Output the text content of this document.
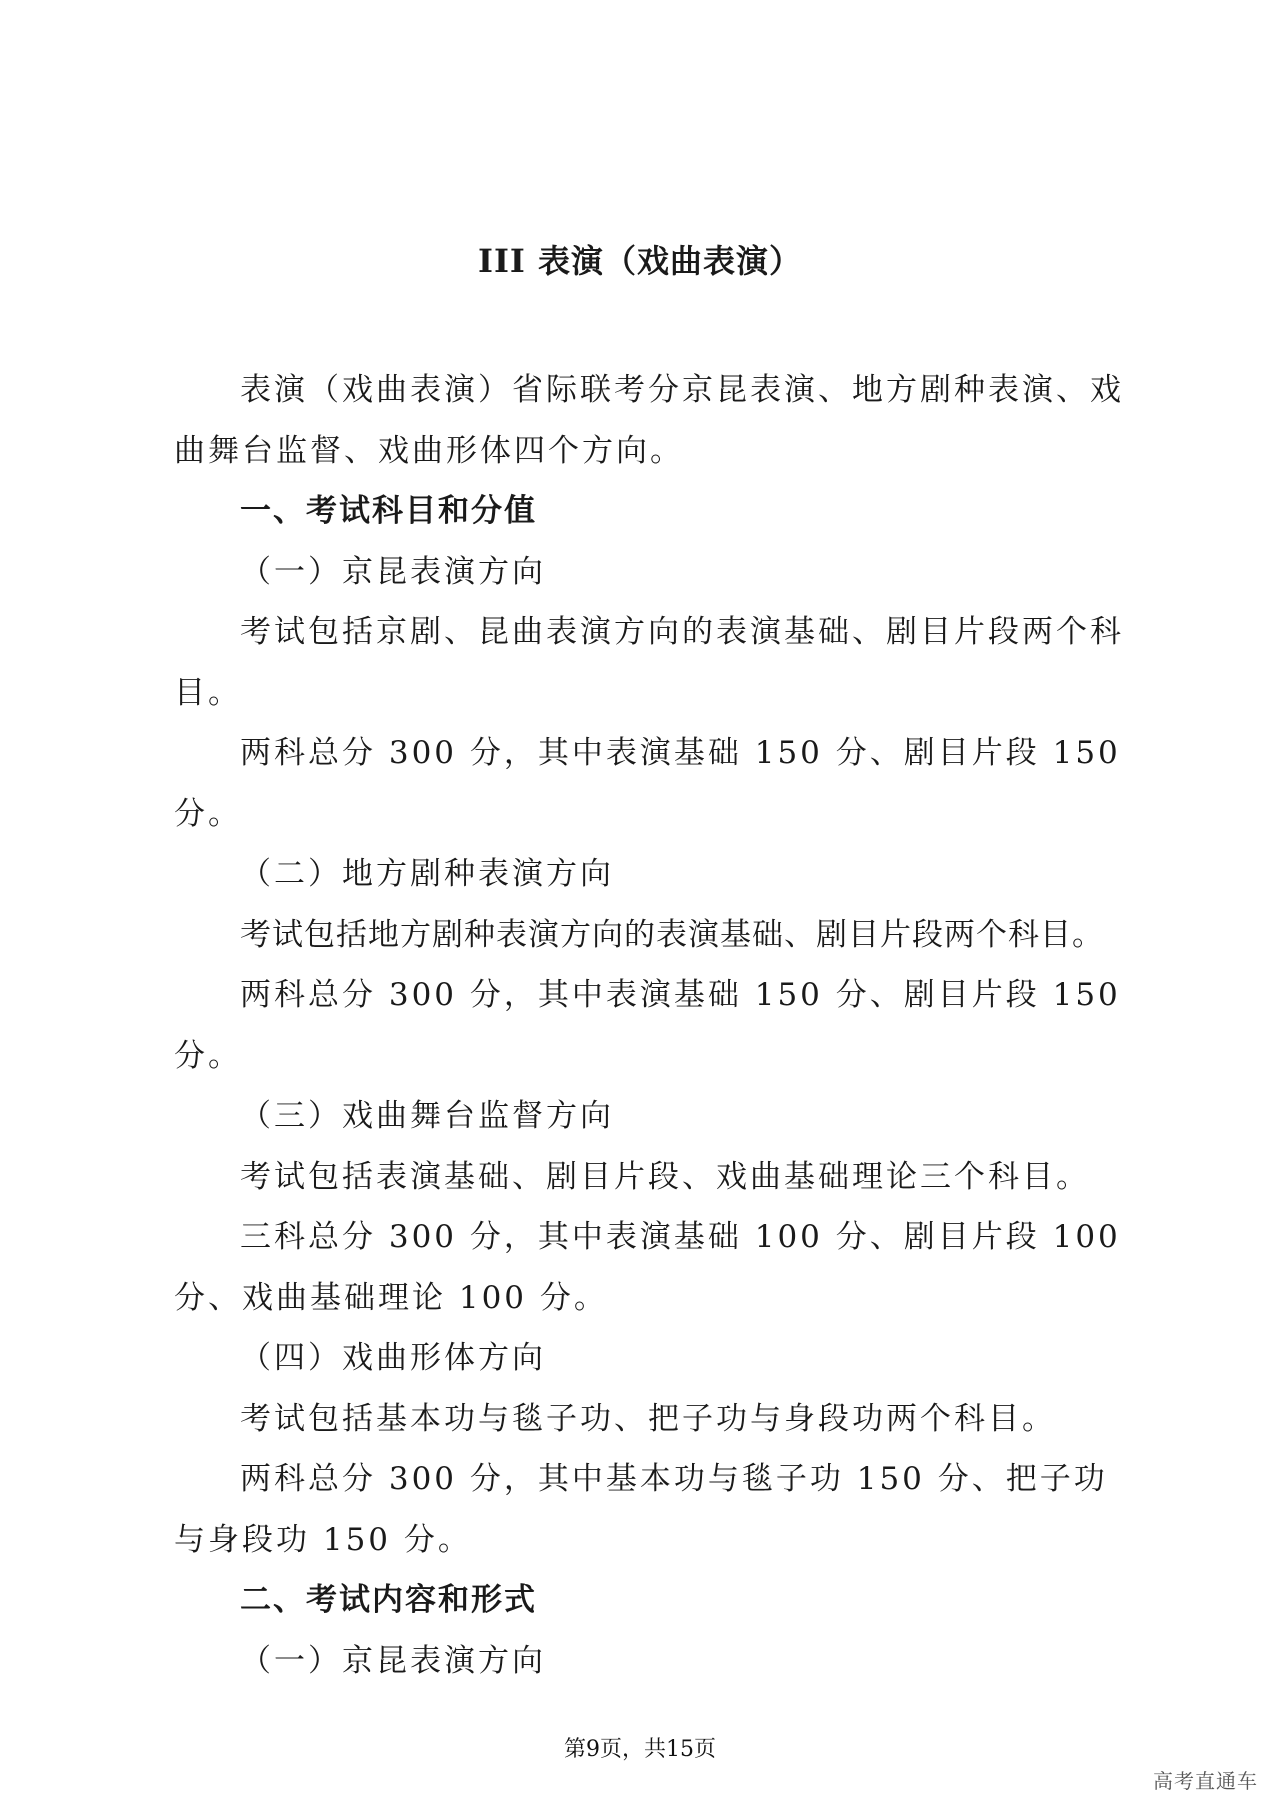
III 表演（戏曲表演）

表演（戏曲表演）省际联考分京昆表演、地方剧种表演、戏曲舞台监督、戏曲形体四个方向。

一、考试科目和分值

（一）京昆表演方向

考试包括京剧、昆曲表演方向的表演基础、剧目片段两个科目。

两科总分 300 分，其中表演基础 150 分、剧目片段 150 分。

（二）地方剧种表演方向

考试包括地方剧种表演方向的表演基础、剧目片段两个科目。

两科总分 300 分，其中表演基础 150 分、剧目片段 150 分。

（三）戏曲舞台监督方向

考试包括表演基础、剧目片段、戏曲基础理论三个科目。

三科总分 300 分，其中表演基础 100 分、剧目片段 100 分、戏曲基础理论 100 分。

（四）戏曲形体方向

考试包括基本功与毯子功、把子功与身段功两个科目。

两科总分 300 分，其中基本功与毯子功 150 分、把子功与身段功 150 分。

二、考试内容和形式

（一）京昆表演方向

第9页，共15页
高考直通车
